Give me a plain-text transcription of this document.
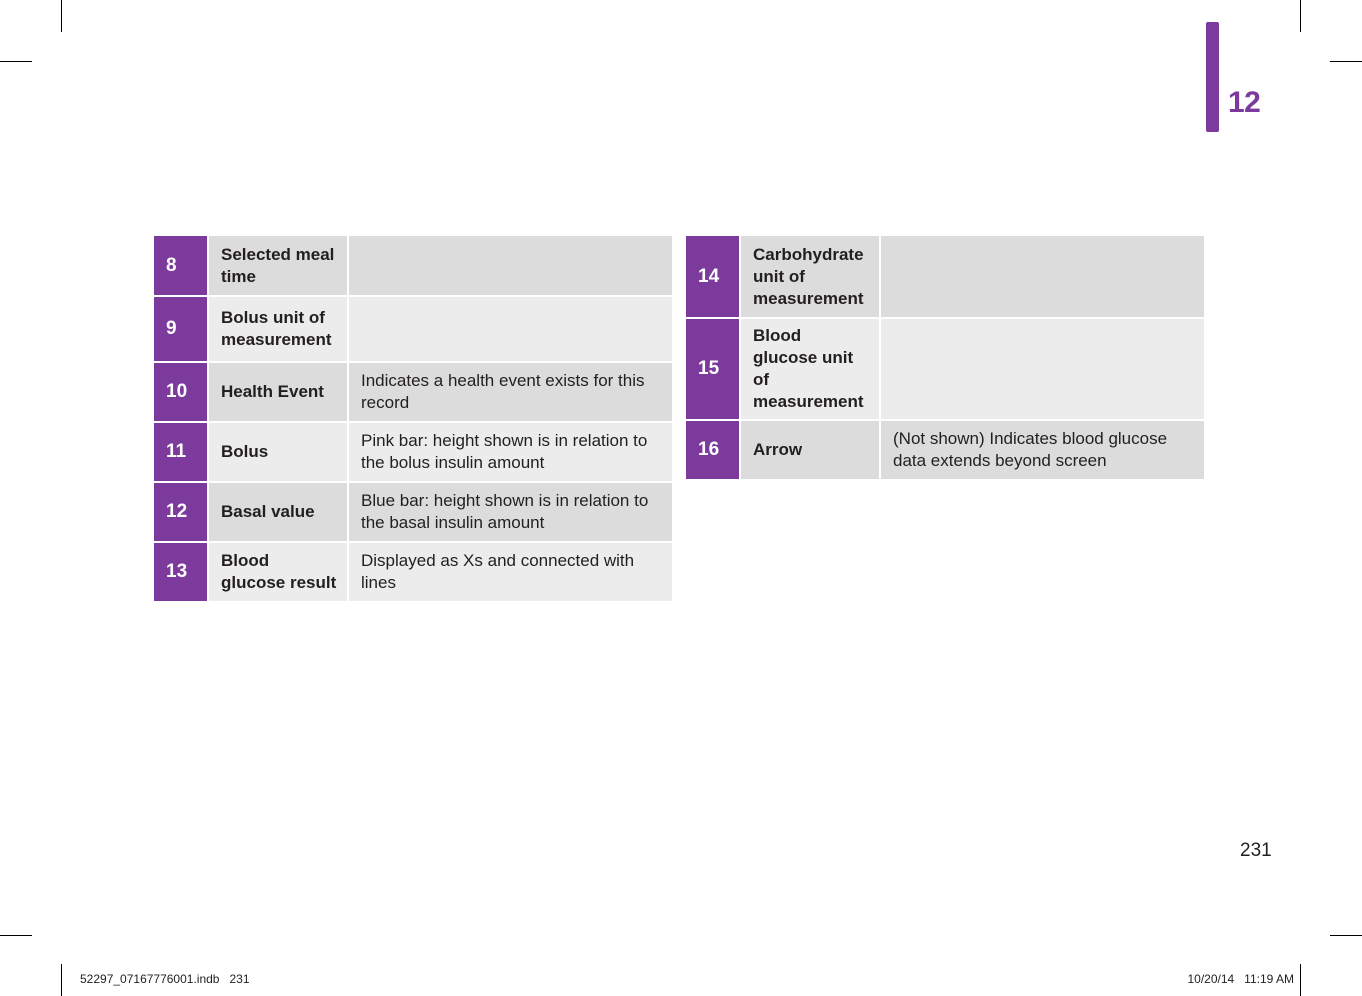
12
8	Selected meal time	
9	Bolus unit of measurement	
10	Health Event	Indicates a health event exists for this record
11	Bolus	Pink bar: height shown is in relation to the bolus insulin amount
12	Basal value	Blue bar: height shown is in relation to the basal insulin amount
13	Blood glucose result	Displayed as Xs and connected with lines
14	Carbohydrate unit of measurement	
15	Blood glucose unit of measurement	
16	Arrow	(Not shown) Indicates blood glucose data extends beyond screen
231
52297_07167776001.indb   231	10/20/14   11:19 AM
